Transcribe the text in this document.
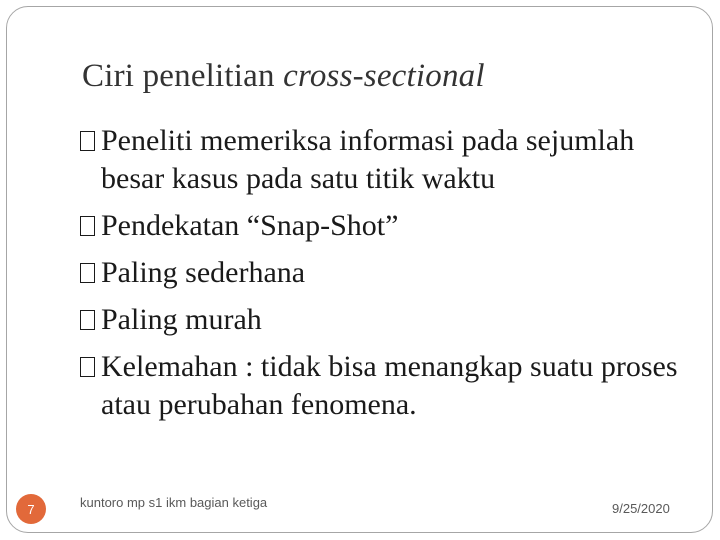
Ciri penelitian cross-sectional
Peneliti memeriksa informasi pada sejumlah besar kasus pada satu titik waktu
Pendekatan “Snap-Shot”
Paling sederhana
Paling murah
Kelemahan : tidak bisa menangkap suatu proses atau perubahan fenomena.
7	kuntoro mp s1 ikm bagian ketiga	9/25/2020
